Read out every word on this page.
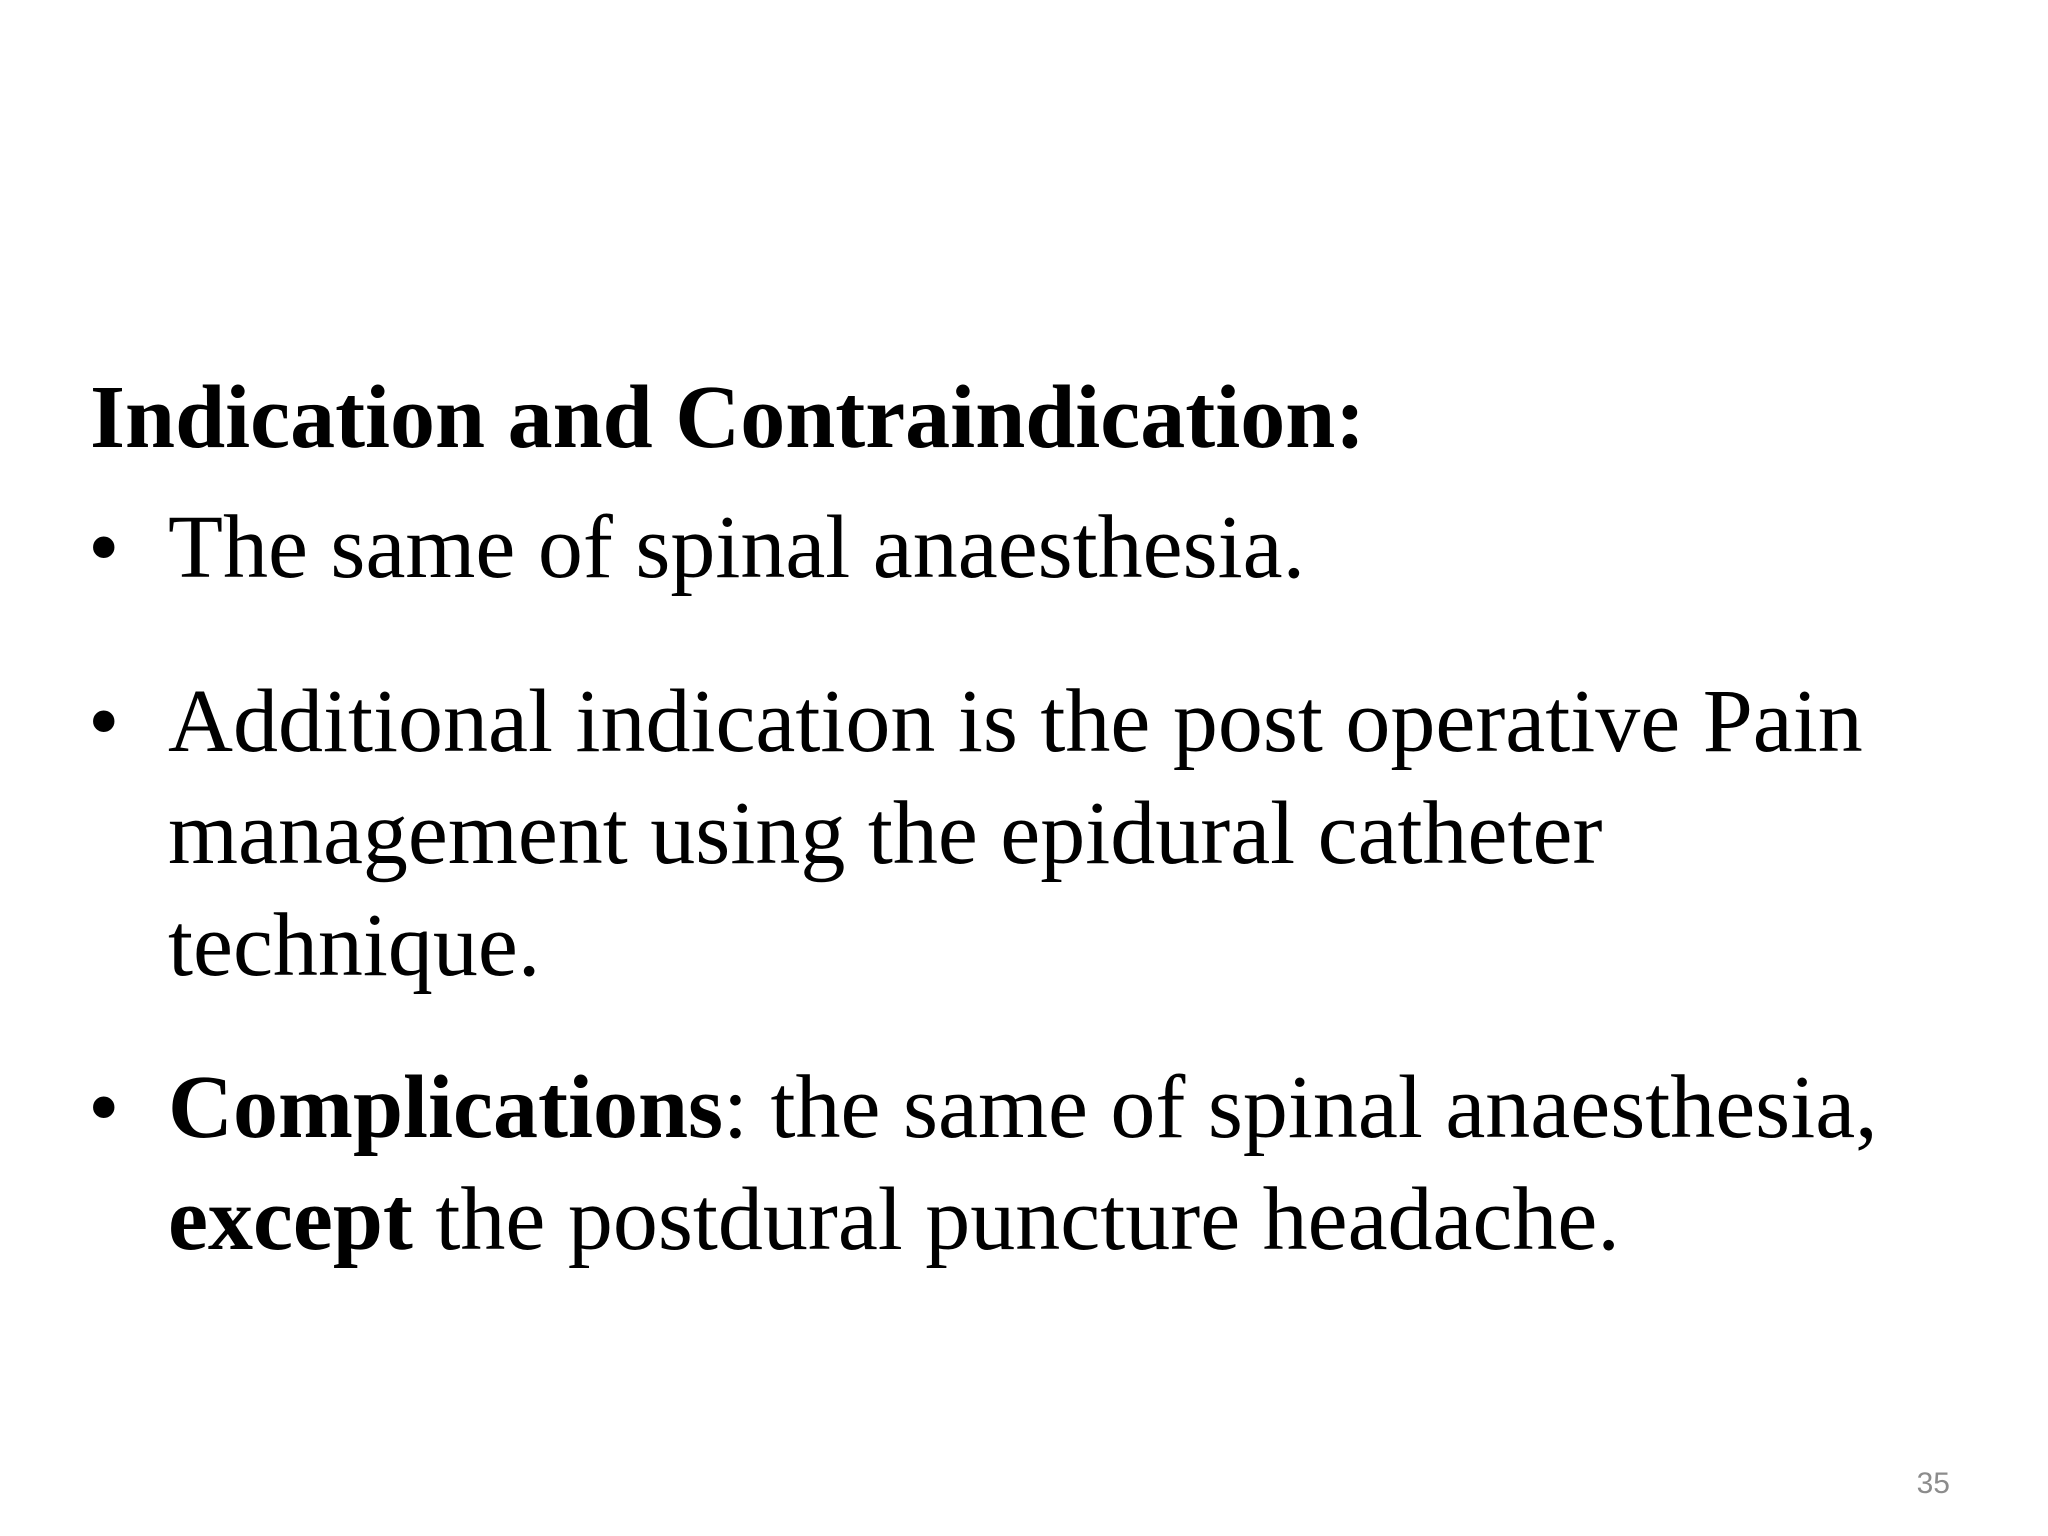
Indication and Contraindication:
• The same of spinal anaesthesia.
• Additional indication is the post operative Pain management using the epidural catheter technique.
• Complications: the same of spinal anaesthesia, except the postdural puncture headache.
35
